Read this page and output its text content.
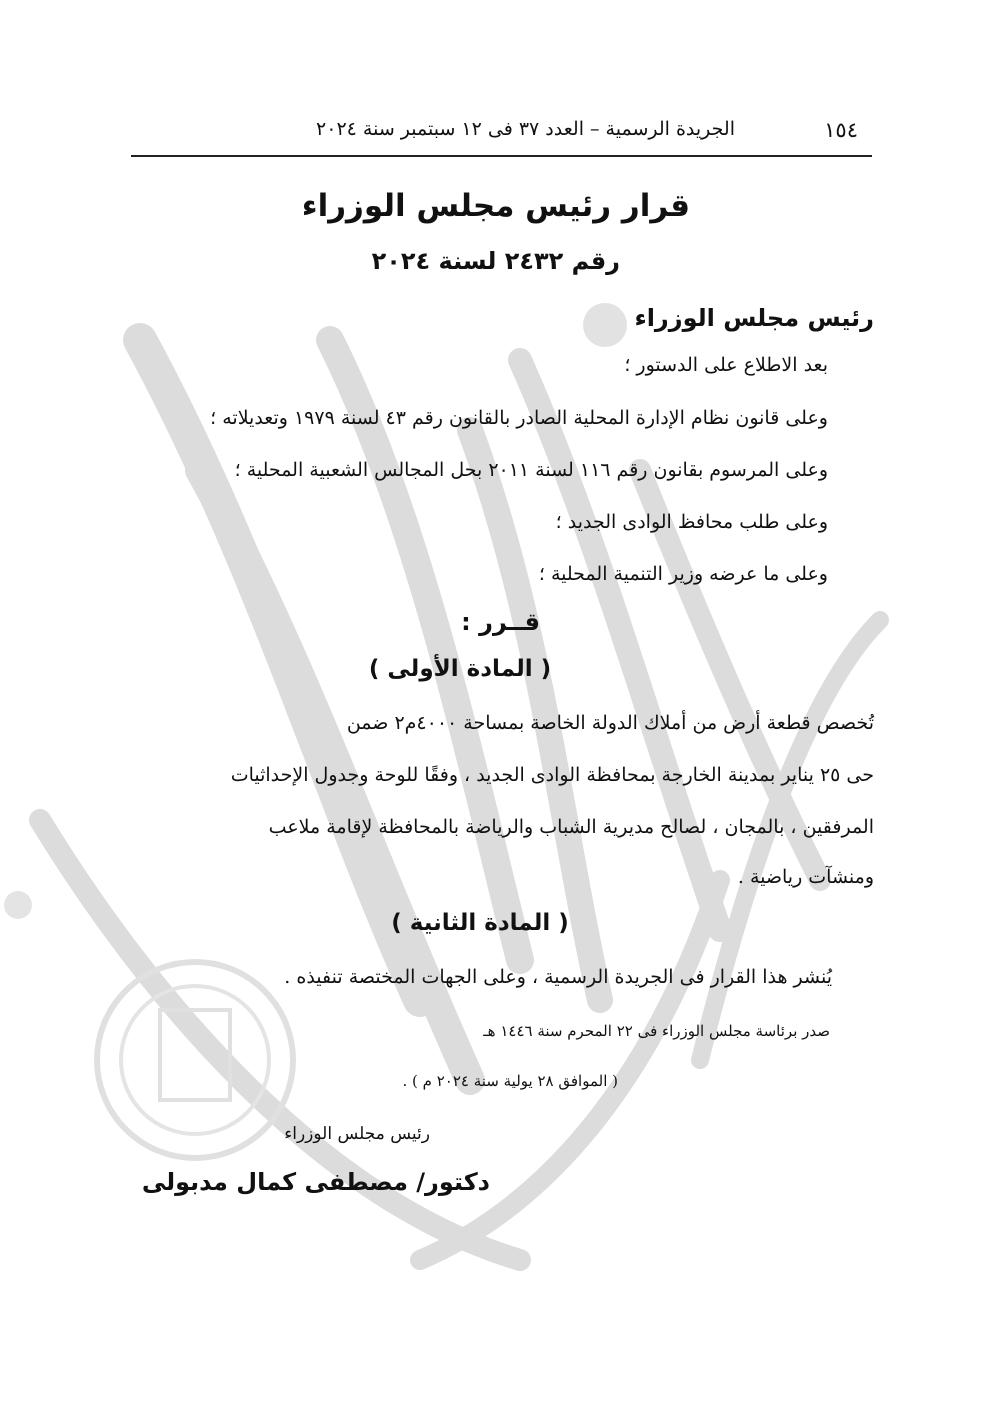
١٥٤
الجريدة الرسمية – العدد ٣٧ فى ١٢ سبتمبر سنة ٢٠٢٤
قرار رئيس مجلس الوزراء
رقم ٢٤٣٢ لسنة ٢٠٢٤
رئيس مجلس الوزراء
بعد الاطلاع على الدستور ؛
وعلى قانون نظام الإدارة المحلية الصادر بالقانون رقم ٤٣ لسنة ١٩٧٩ وتعديلاته ؛
وعلى المرسوم بقانون رقم ١١٦ لسنة ٢٠١١ بحل المجالس الشعبية المحلية ؛
وعلى طلب محافظ الوادى الجديد ؛
وعلى ما عرضه وزير التنمية المحلية ؛
قــرر :
( المادة الأولى )
تُخصص قطعة أرض من أملاك الدولة الخاصة بمساحة ٤٠٠٠م٢ ضمن
حى ٢٥ يناير بمدينة الخارجة بمحافظة الوادى الجديد ، وفقًا للوحة وجدول الإحداثيات
المرفقين ، بالمجان ، لصالح مديرية الشباب والرياضة بالمحافظة لإقامة ملاعب
ومنشآت رياضية .
( المادة الثانية )
يُنشر هذا القرار فى الجريدة الرسمية ، وعلى الجهات المختصة تنفيذه .
صدر برئاسة مجلس الوزراء فى ٢٢ المحرم سنة ١٤٤٦ هـ
( الموافق ٢٨ يولية سنة ٢٠٢٤ م ) .
رئيس مجلس الوزراء
دكتور/ مصطفى كمال مدبولى
